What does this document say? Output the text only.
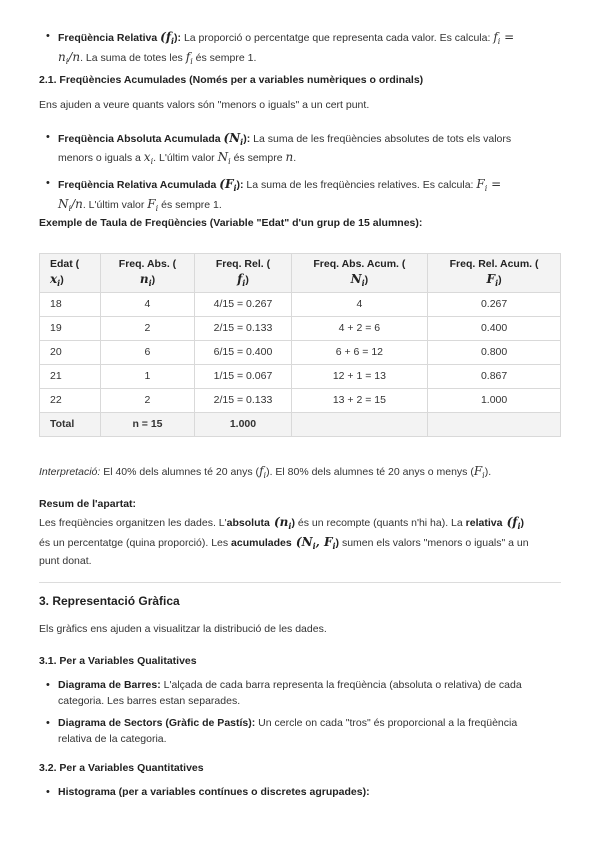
• Freqüència Relativa $(f_i)$: La proporció o percentatge que representa cada valor. Es calcula: $f_i$ =
$n_i/n$. La suma de totes les $f_i$ és sempre 1.
2.1. Freqüències Acumulades (Només per a variables numèriques o ordinals)

Ens ajuden a veure quants valors són "menors o iguals" a un cert punt.

• Freqüència Absoluta Acumulada $(N_i)$: La suma de les freqüències absolutes de tots els valors
menors o iguals a $x_i$. L'últim valor $N_i$ és sempre n.
• Freqüència Relativa Acumulada $(F_i)$: La suma de les freqüències relatives. Es calcula: $F_i$ =
$N_i/n$. L'últim valor $F_i$ és sempre 1.
Exemple de Taula de Freqüències (Variable "Edat" d'un grup de 15 alumnes):
Edat (
$x_i$)	Freq. Abs. (
$n_i$)	Freq. Rel. (
$f_i$)	Freq. Abs. Acum. (
$N_i$)	Freq. Rel. Acum. (
$F_i$)
18	4	4/15 = 0.267	4	0.267
19	2	2/15 = 0.133	4 + 2 = 6	0.400
20	6	6/15 = 0.400	6 + 6 = 12	0.800
21	1	1/15 = 0.067	12 + 1 = 13	0.867
22	2	2/15 = 0.133	13 + 2 = 15	1.000
Total	n = 15	1.000		

Interpretació: El 40% dels alumnes té 20 anys $(f_i)$. El 80% dels alumnes té 20 anys o menys $(F_i)$.

Resum de l'apartat:

Les freqüències organitzen les dades. L'absoluta $(n_i)$ és un recompte (quants n'hi ha). La relativa $(f_i)$
és un percentatge (quina proporció). Les acumulades ($N_i$, $F_i$) sumen els valors "menors o iguals" a un
punt donat.

3. Representació Gràfica

Els gràfics ens ajuden a visualitzar la distribució de les dades.

3.1. Per a Variables Qualitatives
• Diagrama de Barres: L'alçada de cada barra representa la freqüència (absoluta o relativa) de cada
categoria. Les barres estan separades.
• Diagrama de Sectors (Gràfic de Pastís): Un cercle on cada "tros" és proporcional a la freqüència
relativa de la categoria.
3.2. Per a Variables Quantitatives
• Histograma (per a variables contínues o discretes agrupades):
